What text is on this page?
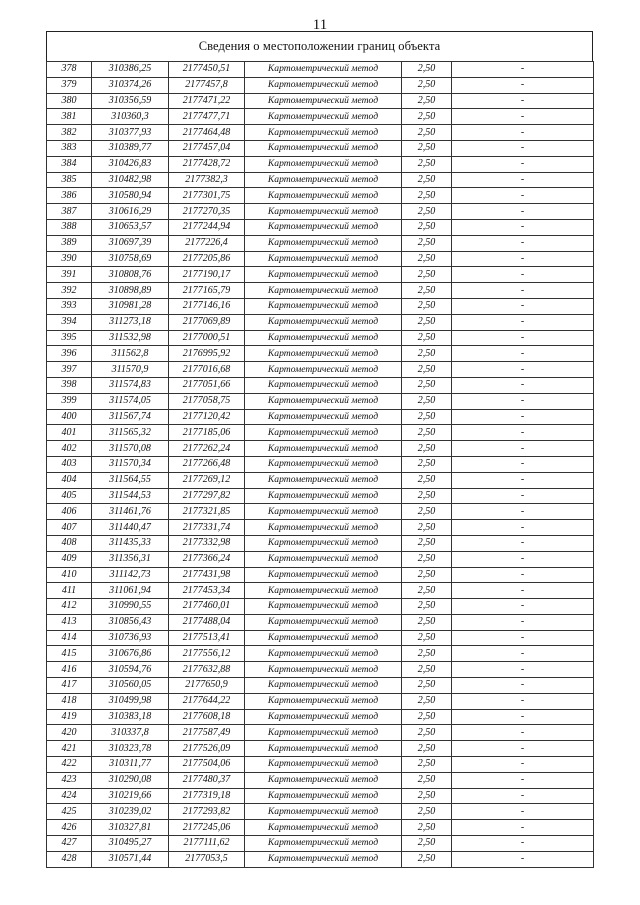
11
Сведения о местоположении границ объекта
378	310386,25	2177450,51	Картометрический метод	2,50	-
379	310374,26	2177457,8	Картометрический метод	2,50	-
380	310356,59	2177471,22	Картометрический метод	2,50	-
381	310360,3	2177477,71	Картометрический метод	2,50	-
382	310377,93	2177464,48	Картометрический метод	2,50	-
383	310389,77	2177457,04	Картометрический метод	2,50	-
384	310426,83	2177428,72	Картометрический метод	2,50	-
385	310482,98	2177382,3	Картометрический метод	2,50	-
386	310580,94	2177301,75	Картометрический метод	2,50	-
387	310616,29	2177270,35	Картометрический метод	2,50	-
388	310653,57	2177244,94	Картометрический метод	2,50	-
389	310697,39	2177226,4	Картометрический метод	2,50	-
390	310758,69	2177205,86	Картометрический метод	2,50	-
391	310808,76	2177190,17	Картометрический метод	2,50	-
392	310898,89	2177165,79	Картометрический метод	2,50	-
393	310981,28	2177146,16	Картометрический метод	2,50	-
394	311273,18	2177069,89	Картометрический метод	2,50	-
395	311532,98	2177000,51	Картометрический метод	2,50	-
396	311562,8	2176995,92	Картометрический метод	2,50	-
397	311570,9	2177016,68	Картометрический метод	2,50	-
398	311574,83	2177051,66	Картометрический метод	2,50	-
399	311574,05	2177058,75	Картометрический метод	2,50	-
400	311567,74	2177120,42	Картометрический метод	2,50	-
401	311565,32	2177185,06	Картометрический метод	2,50	-
402	311570,08	2177262,24	Картометрический метод	2,50	-
403	311570,34	2177266,48	Картометрический метод	2,50	-
404	311564,55	2177269,12	Картометрический метод	2,50	-
405	311544,53	2177297,82	Картометрический метод	2,50	-
406	311461,76	2177321,85	Картометрический метод	2,50	-
407	311440,47	2177331,74	Картометрический метод	2,50	-
408	311435,33	2177332,98	Картометрический метод	2,50	-
409	311356,31	2177366,24	Картометрический метод	2,50	-
410	311142,73	2177431,98	Картометрический метод	2,50	-
411	311061,94	2177453,34	Картометрический метод	2,50	-
412	310990,55	2177460,01	Картометрический метод	2,50	-
413	310856,43	2177488,04	Картометрический метод	2,50	-
414	310736,93	2177513,41	Картометрический метод	2,50	-
415	310676,86	2177556,12	Картометрический метод	2,50	-
416	310594,76	2177632,88	Картометрический метод	2,50	-
417	310560,05	2177650,9	Картометрический метод	2,50	-
418	310499,98	2177644,22	Картометрический метод	2,50	-
419	310383,18	2177608,18	Картометрический метод	2,50	-
420	310337,8	2177587,49	Картометрический метод	2,50	-
421	310323,78	2177526,09	Картометрический метод	2,50	-
422	310311,77	2177504,06	Картометрический метод	2,50	-
423	310290,08	2177480,37	Картометрический метод	2,50	-
424	310219,66	2177319,18	Картометрический метод	2,50	-
425	310239,02	2177293,82	Картометрический метод	2,50	-
426	310327,81	2177245,06	Картометрический метод	2,50	-
427	310495,27	2177111,62	Картометрический метод	2,50	-
428	310571,44	2177053,5	Картометрический метод	2,50	-
